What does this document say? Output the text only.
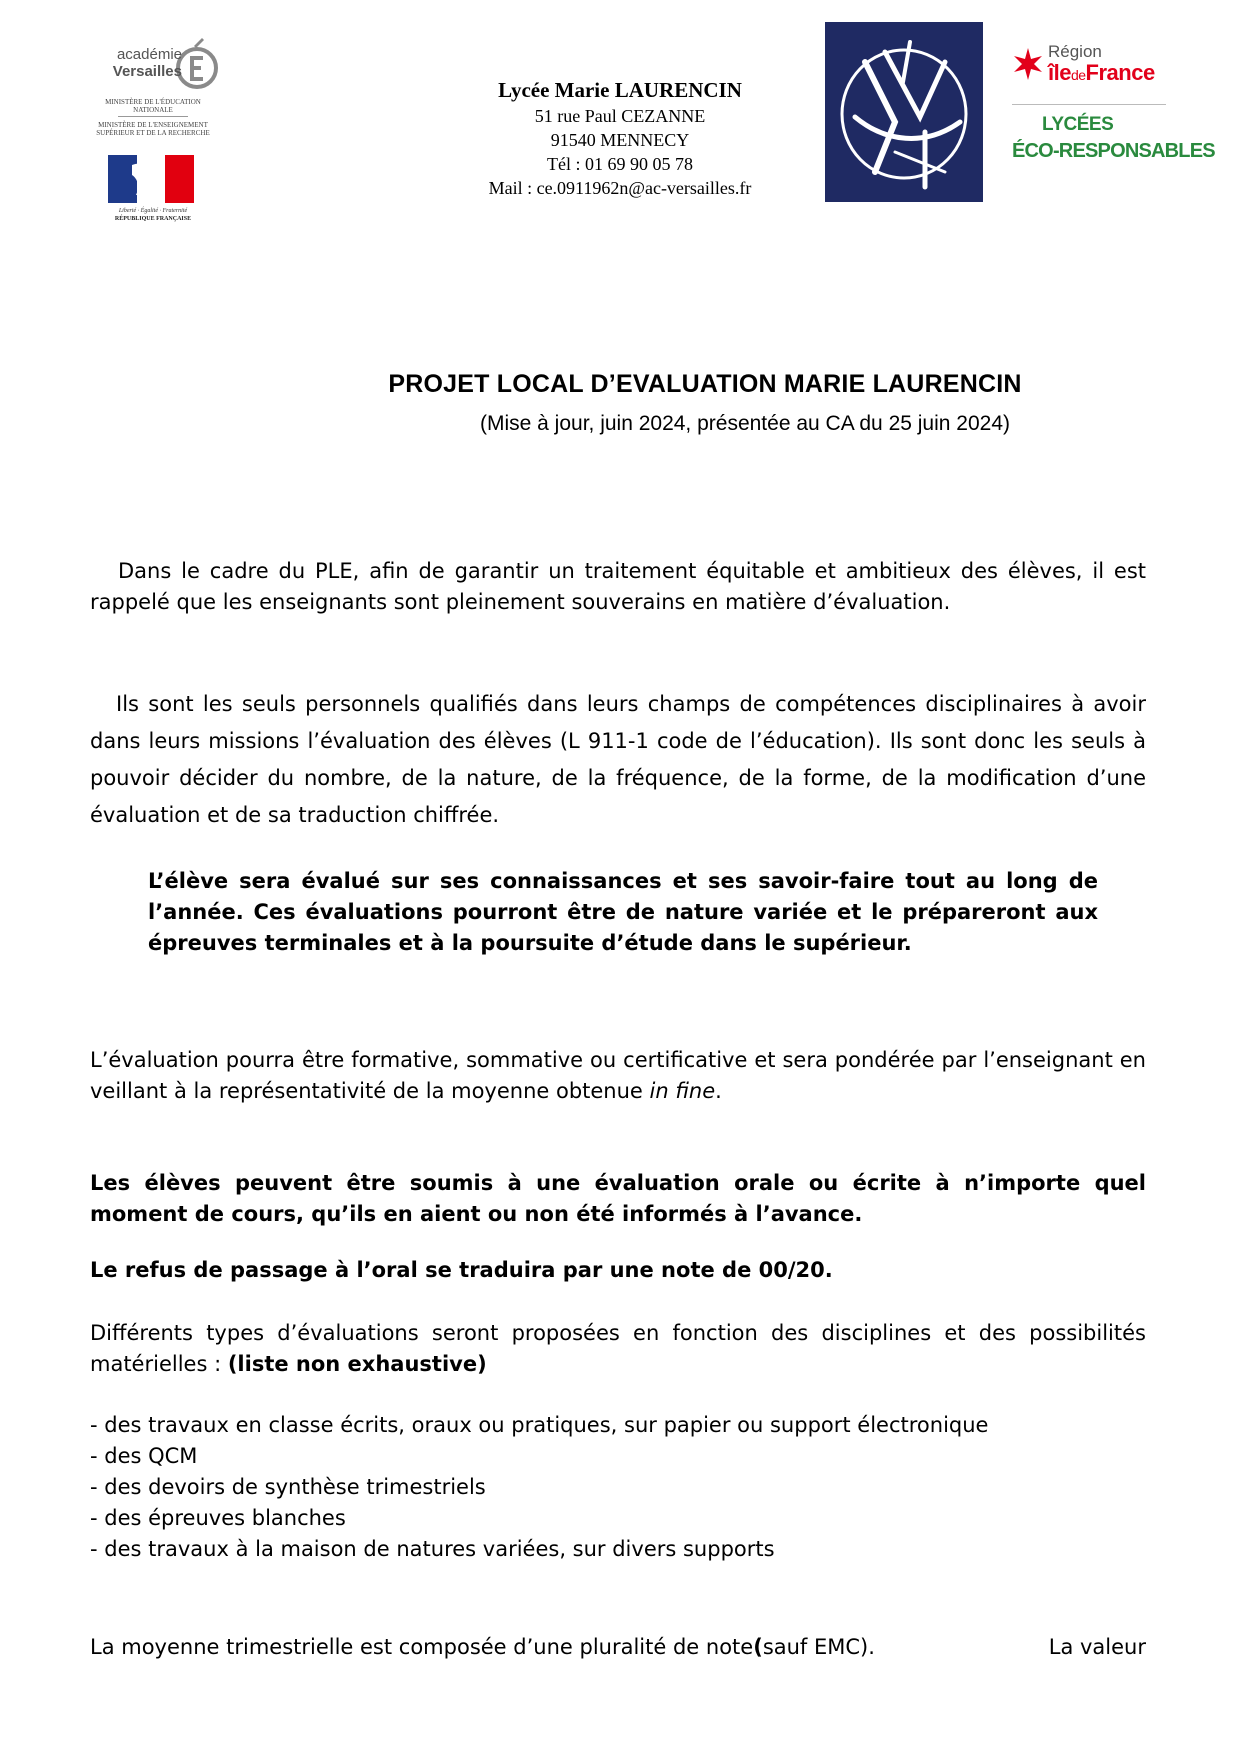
académie
Versailles
MINISTÈRE DE L'ÉDUCATION NATIONALE
MINISTÈRE DE L'ENSEIGNEMENT SUPÉRIEUR ET DE LA RECHERCHE
Liberté · Égalité · Fraternité
RÉPUBLIQUE FRANÇAISE
Lycée Marie LAURENCIN
51 rue Paul CEZANNE
91540 MENNECY
Tél : 01 69 90 05 78
Mail : ce.0911962n@ac-versailles.fr
Région
îledeFrance
LYCÉES
ÉCO-RESPONSABLES
PROJET LOCAL D’EVALUATION MARIE LAURENCIN
(Mise à jour, juin 2024, présentée au CA du 25 juin 2024)
Dans le cadre du PLE, afin de garantir un traitement équitable et ambitieux des élèves, il est rappelé que les enseignants sont pleinement souverains en matière d’évaluation.
Ils sont les seuls personnels qualifiés dans leurs champs de compétences disciplinaires à avoir dans leurs missions l’évaluation des élèves (L 911-1 code de l’éducation). Ils sont donc les seuls à pouvoir décider du nombre, de la nature, de la fréquence, de la forme, de la modification d’une évaluation et de sa traduction chiffrée.
L’élève sera évalué sur ses connaissances et ses savoir-faire tout au long de l’année. Ces évaluations pourront être de nature variée et le prépareront aux épreuves terminales et à la poursuite d’étude dans le supérieur.
L’évaluation pourra être formative, sommative ou certificative et sera pondérée par l’enseignant en veillant à la représentativité de la moyenne obtenue in fine.
Les élèves peuvent être soumis à une évaluation orale ou écrite à n’importe quel moment de cours, qu’ils en aient ou non été informés à l’avance.
Le refus de passage à l’oral se traduira par une note de 00/20.
Différents types d’évaluations seront proposées en fonction des disciplines et des possibilités matérielles : (liste non exhaustive)
- des travaux en classe écrits, oraux ou pratiques, sur papier ou support électronique
- des QCM
- des devoirs de synthèse trimestriels
- des épreuves blanches
- des travaux à la maison de natures variées, sur divers supports
La moyenne trimestrielle est composée d’une pluralité de note ( sauf EMC).	La valeur
